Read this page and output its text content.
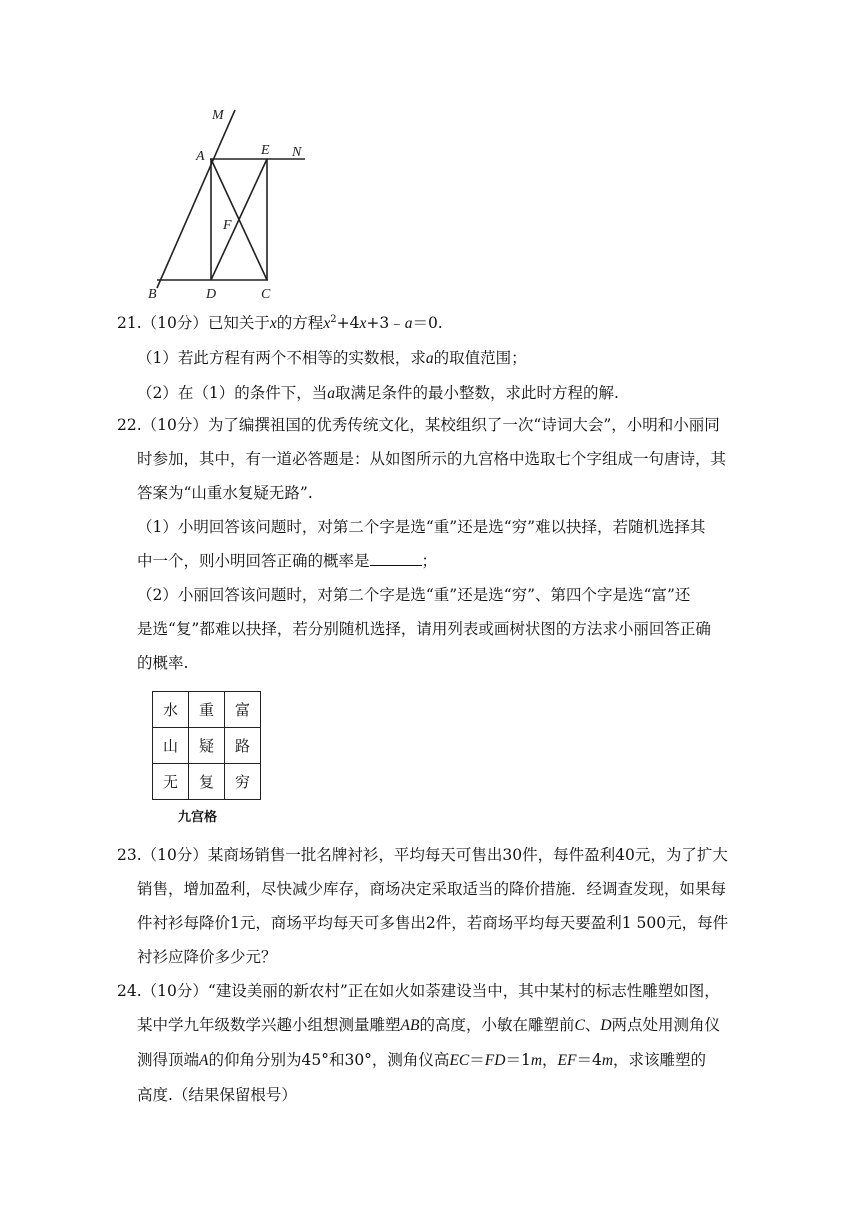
M
A	E N
F
B	D	C
21.（10分）已知关于x的方程$x^2+4x+3﹣a=0$.
（1）若此方程有两个不相等的实数根，求a的取值范围；
（2）在（1）的条件下，当a取满足条件的最小整数，求此时方程的解.
22.（10分）为了编撰祖国的优秀传统文化，某校组织了一次“诗词大会”，小明和小丽同
时参加，其中，有一道必答题是：从如图所示的九宫格中选取七个字组成一句唐诗，其
答案为“山重水复疑无路”.
（1）小明回答该问题时，对第二个字是选“重”还是选“穷”难以抉择，若随机选择其
中一个，则小明回答正确的概率是	；
（2）小丽回答该问题时，对第二个字是选“重”还是选“穷”、第四个字是选“富”还
是选“复”都难以抉择，若分别随机选择，请用列表或画树状图的方法求小丽回答正确
的概率.
水	重	富
山	疑	路
无	复	穷
九宫格
23.（10分）某商场销售一批名牌衬衫，平均每天可售出30件，每件盈利40元，为了扩大
销售，增加盈利，尽快减少库存，商场决定采取适当的降价措施．经调查发现，如果每
件衬衫每降价1元，商场平均每天可多售出2件，若商场平均每天要盈利1 500元，每件
衬衫应降价多少元？
24.（10分）“建设美丽的新农村”正在如火如荼建设当中，其中某村的标志性雕塑如图，
某中学九年级数学兴趣小组想测量雕塑AB的高度，小敏在雕塑前C、D两点处用测角仪
测得顶端A的仰角分别为45°和30°，测角仪高EC＝FD＝1m，EF＝4m，求该雕塑的
高度.（结果保留根号）
